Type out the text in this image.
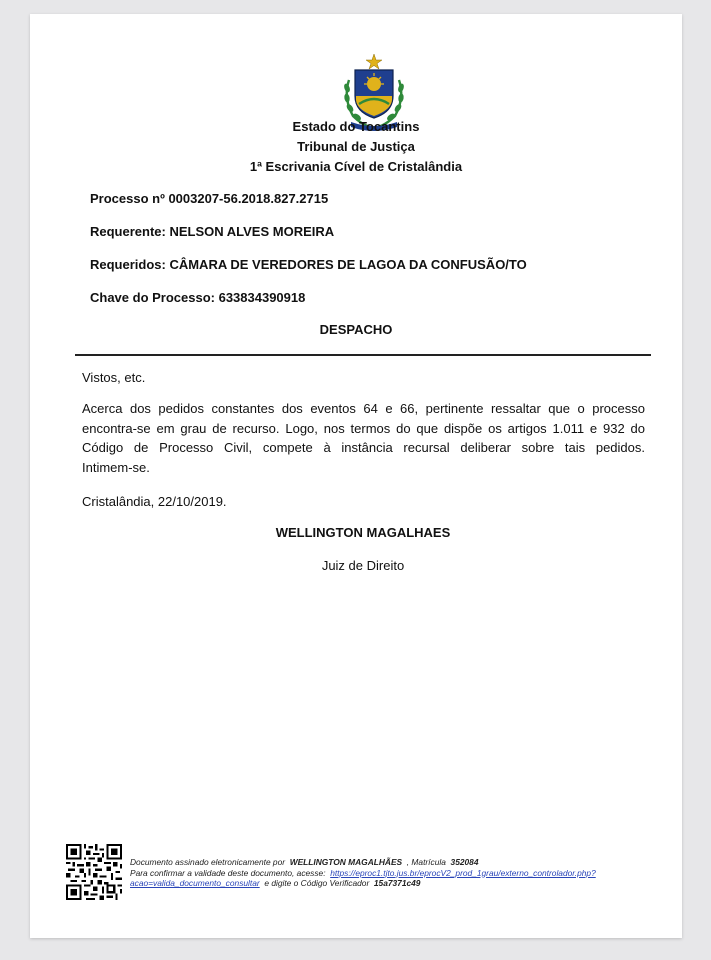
Estado do Tocantins
Tribunal de Justiça
1ª Escrivania Cível de Cristalândia
Processo nº 0003207-56.2018.827.2715
Requerente: NELSON ALVES MOREIRA
Requeridos: CÂMARA DE VEREDORES DE LAGOA DA CONFUSÃO/TO
Chave do Processo: 633834390918
DESPACHO
Vistos, etc.
Acerca dos pedidos constantes dos eventos 64 e 66, pertinente ressaltar que o processo
encontra-se em grau de recurso. Logo, nos termos do que dispõe os artigos 1.011 e 932 do
Código de Processo Civil, compete à instância recursal deliberar sobre tais pedidos.
Intimem-se.
Cristalândia, 22/10/2019.
WELLINGTON MAGALHAES
Juiz de Direito
Documento assinado eletronicamente por WELLINGTON MAGALHÃES , Matrícula 352084
Para confirmar a validade deste documento, acesse: https://eproc1.tjto.jus.br/eprocV2_prod_1grau/externo_controlador.php?
acao=valida_documento_consultar e digite o Código Verificador 15a7371c49
